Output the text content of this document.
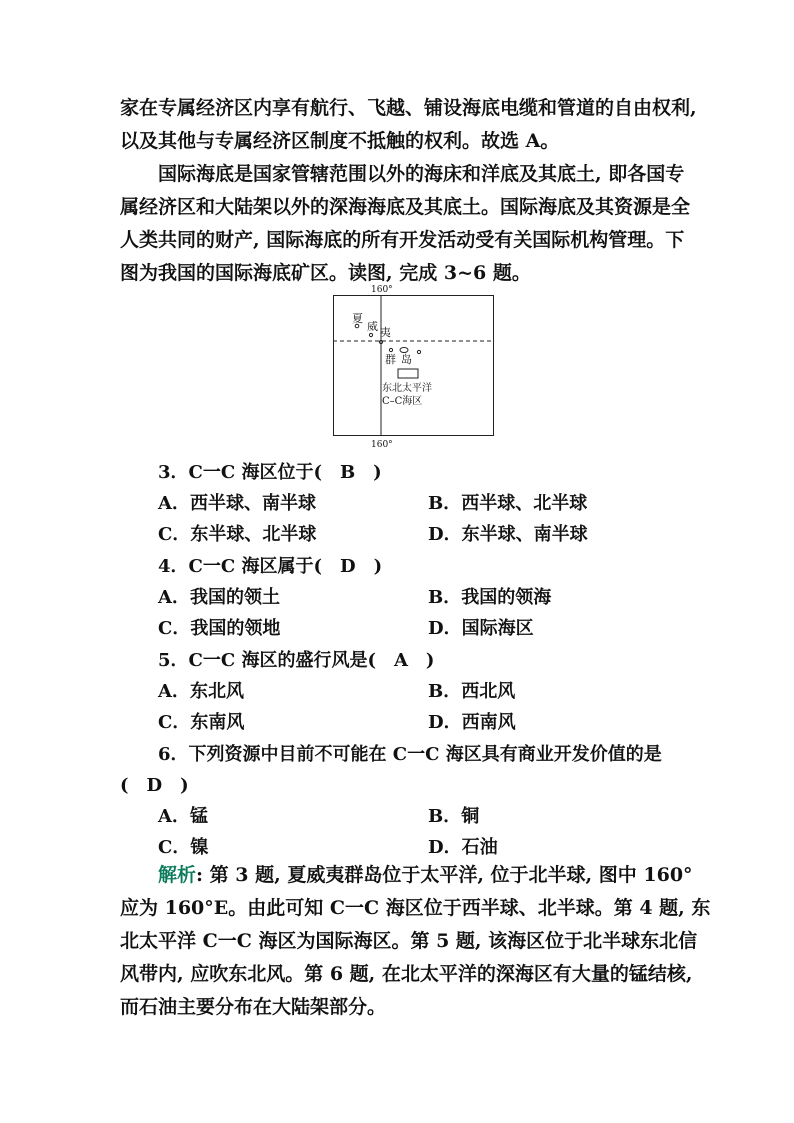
家在专属经济区内享有航行、飞越、铺设海底电缆和管道的自由权利,

以及其他与专属经济区制度不抵触的权利。故选 A。

国际海底是国家管辖范围以外的海床和洋底及其底土, 即各国专

属经济区和大陆架以外的深海海底及其底土。国际海底及其资源是全

人类共同的财产, 国际海底的所有开发活动受有关国际机构管理。下

图为我国的国际海底矿区。读图, 完成 3~6 题。

160°
160°
夏
威 夷
群 岛
东北太平洋
C–C海区
3．C一C 海区位于(　B　)
A．西半球、南半球	B．西半球、北半球
C．东半球、北半球	D．东半球、南半球
4．C一C 海区属于(　D　)
A．我国的领土	B．我国的领海
C．我国的领地	D．国际海区
5．C一C 海区的盛行风是(　A　)
A．东北风	B．西北风
C．东南风	D．西南风
6．下列资源中目前不可能在 C一C 海区具有商业开发价值的是
(　D　)
A．锰	B．铜
C．镍	D．石油

解析: 第 3 题, 夏威夷群岛位于太平洋, 位于北半球, 图中 160°

应为 160°E。由此可知 C一C 海区位于西半球、北半球。第 4 题, 东

北太平洋 C一C 海区为国际海区。第 5 题, 该海区位于北半球东北信

风带内, 应吹东北风。第 6 题, 在北太平洋的深海区有大量的锰结核,

而石油主要分布在大陆架部分。
